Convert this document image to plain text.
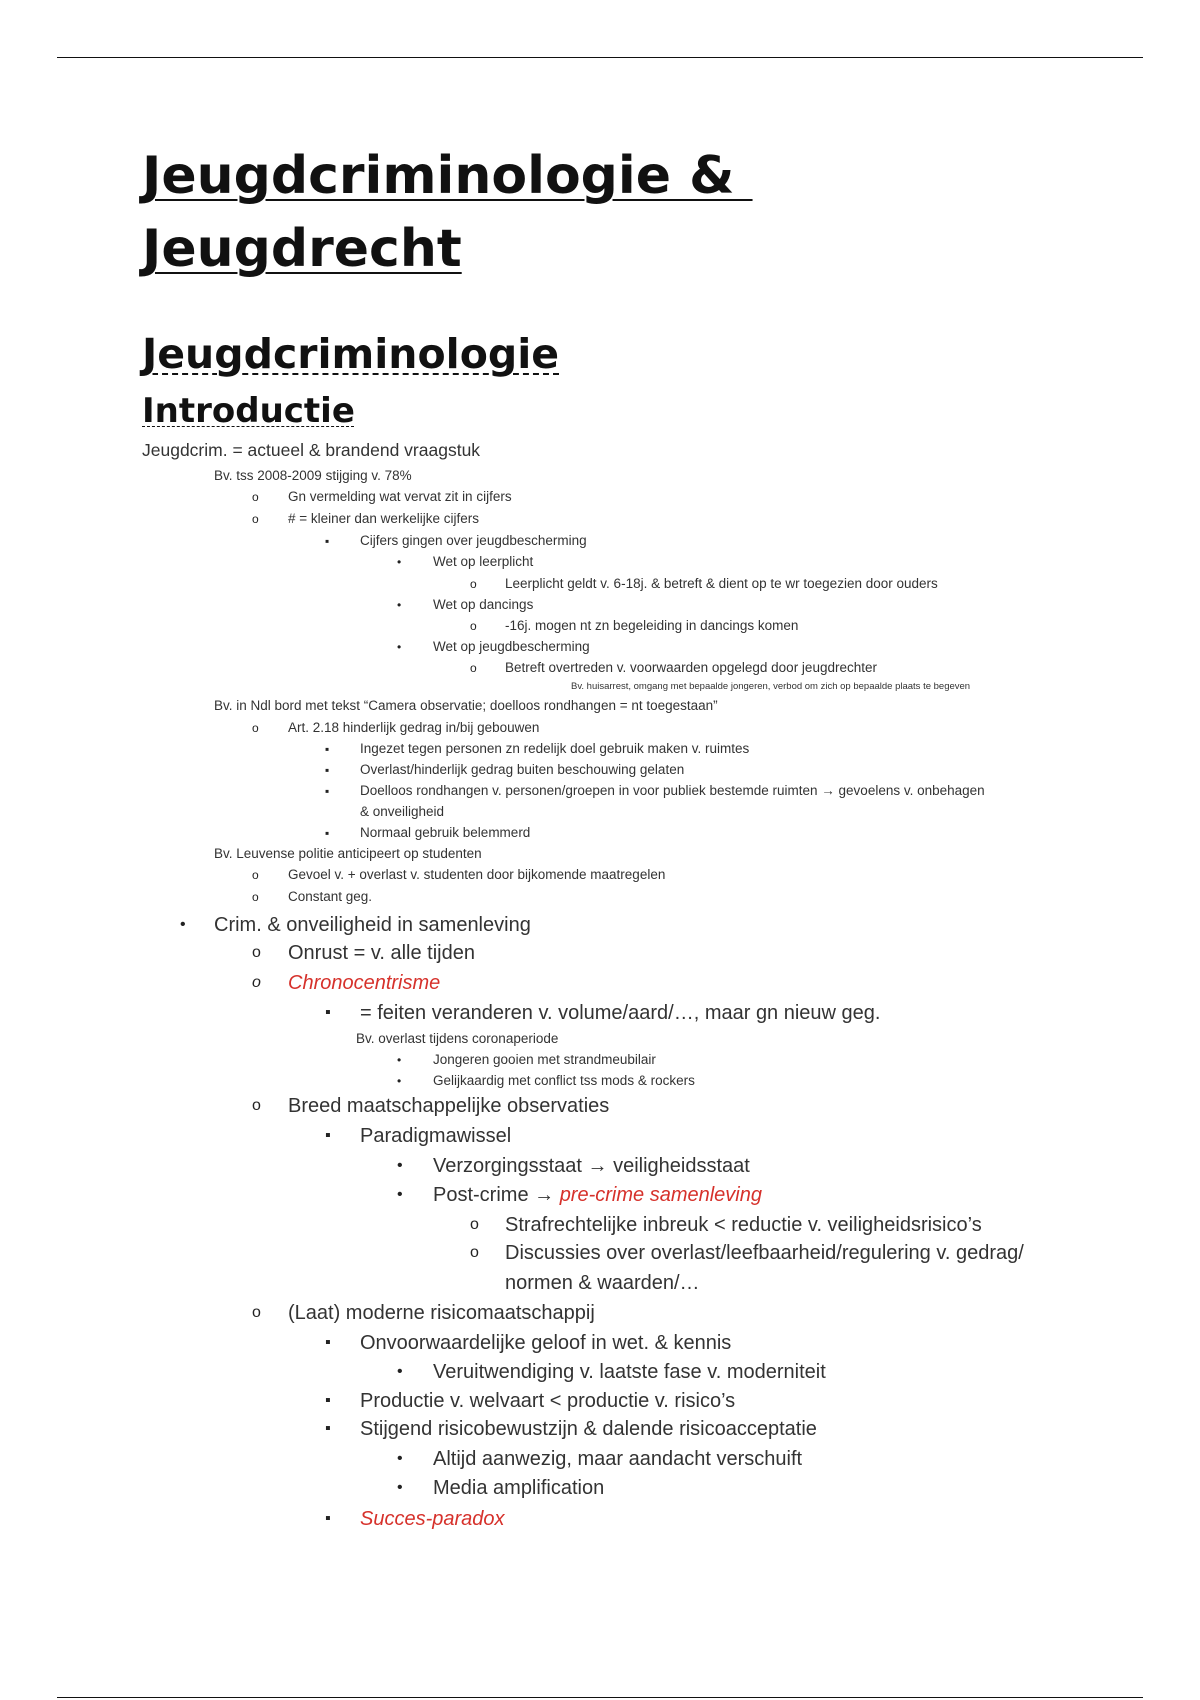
Jeugdcriminologie &
Jeugdrecht
Jeugdcriminologie
Introductie
Jeugdcrim. = actueel & brandend vraagstuk
Bv. tss 2008-2009 stijging v. 78%
o Gn vermelding wat vervat zit in cijfers
o # = kleiner dan werkelijke cijfers
▪ Cijfers gingen over jeugdbescherming
• Wet op leerplicht
o Leerplicht geldt v. 6-18j. & betreft & dient op te wr toegezien door ouders
• Wet op dancings
o -16j. mogen nt zn begeleiding in dancings komen
• Wet op jeugdbescherming
o Betreft overtreden v. voorwaarden opgelegd door jeugdrechter
Bv. huisarrest, omgang met bepaalde jongeren, verbod om zich op bepaalde plaats te begeven
Bv. in Ndl bord met tekst “Camera observatie; doelloos rondhangen = nt toegestaan”
o Art. 2.18 hinderlijk gedrag in/bij gebouwen
▪ Ingezet tegen personen zn redelijk doel gebruik maken v. ruimtes
▪ Overlast/hinderlijk gedrag buiten beschouwing gelaten
▪ Doelloos rondhangen v. personen/groepen in voor publiek bestemde ruimten → gevoelens v. onbehagen
& onveiligheid
▪ Normaal gebruik belemmerd
Bv. Leuvense politie anticipeert op studenten
o Gevoel v. + overlast v. studenten door bijkomende maatregelen
o Constant geg.
• Crim. & onveiligheid in samenleving
o Onrust = v. alle tijden
o Chronocentrisme
▪ = feiten veranderen v. volume/aard/…, maar gn nieuw geg.
Bv. overlast tijdens coronaperiode
• Jongeren gooien met strandmeubilair
• Gelijkaardig met conflict tss mods & rockers
o Breed maatschappelijke observaties
▪ Paradigmawissel
• Verzorgingsstaat → veiligheidsstaat
• Post-crime → pre-crime samenleving
o Strafrechtelijke inbreuk < reductie v. veiligheidsrisico’s
o Discussies over overlast/leefbaarheid/regulering v. gedrag/
normen & waarden/…
o (Laat) moderne risicomaatschappij
▪ Onvoorwaardelijke geloof in wet. & kennis
• Veruitwendiging v. laatste fase v. moderniteit
▪ Productie v. welvaart < productie v. risico’s
▪ Stijgend risicobewustzijn & dalende risicoacceptatie
• Altijd aanwezig, maar aandacht verschuift
• Media amplification
▪ Succes-paradox
